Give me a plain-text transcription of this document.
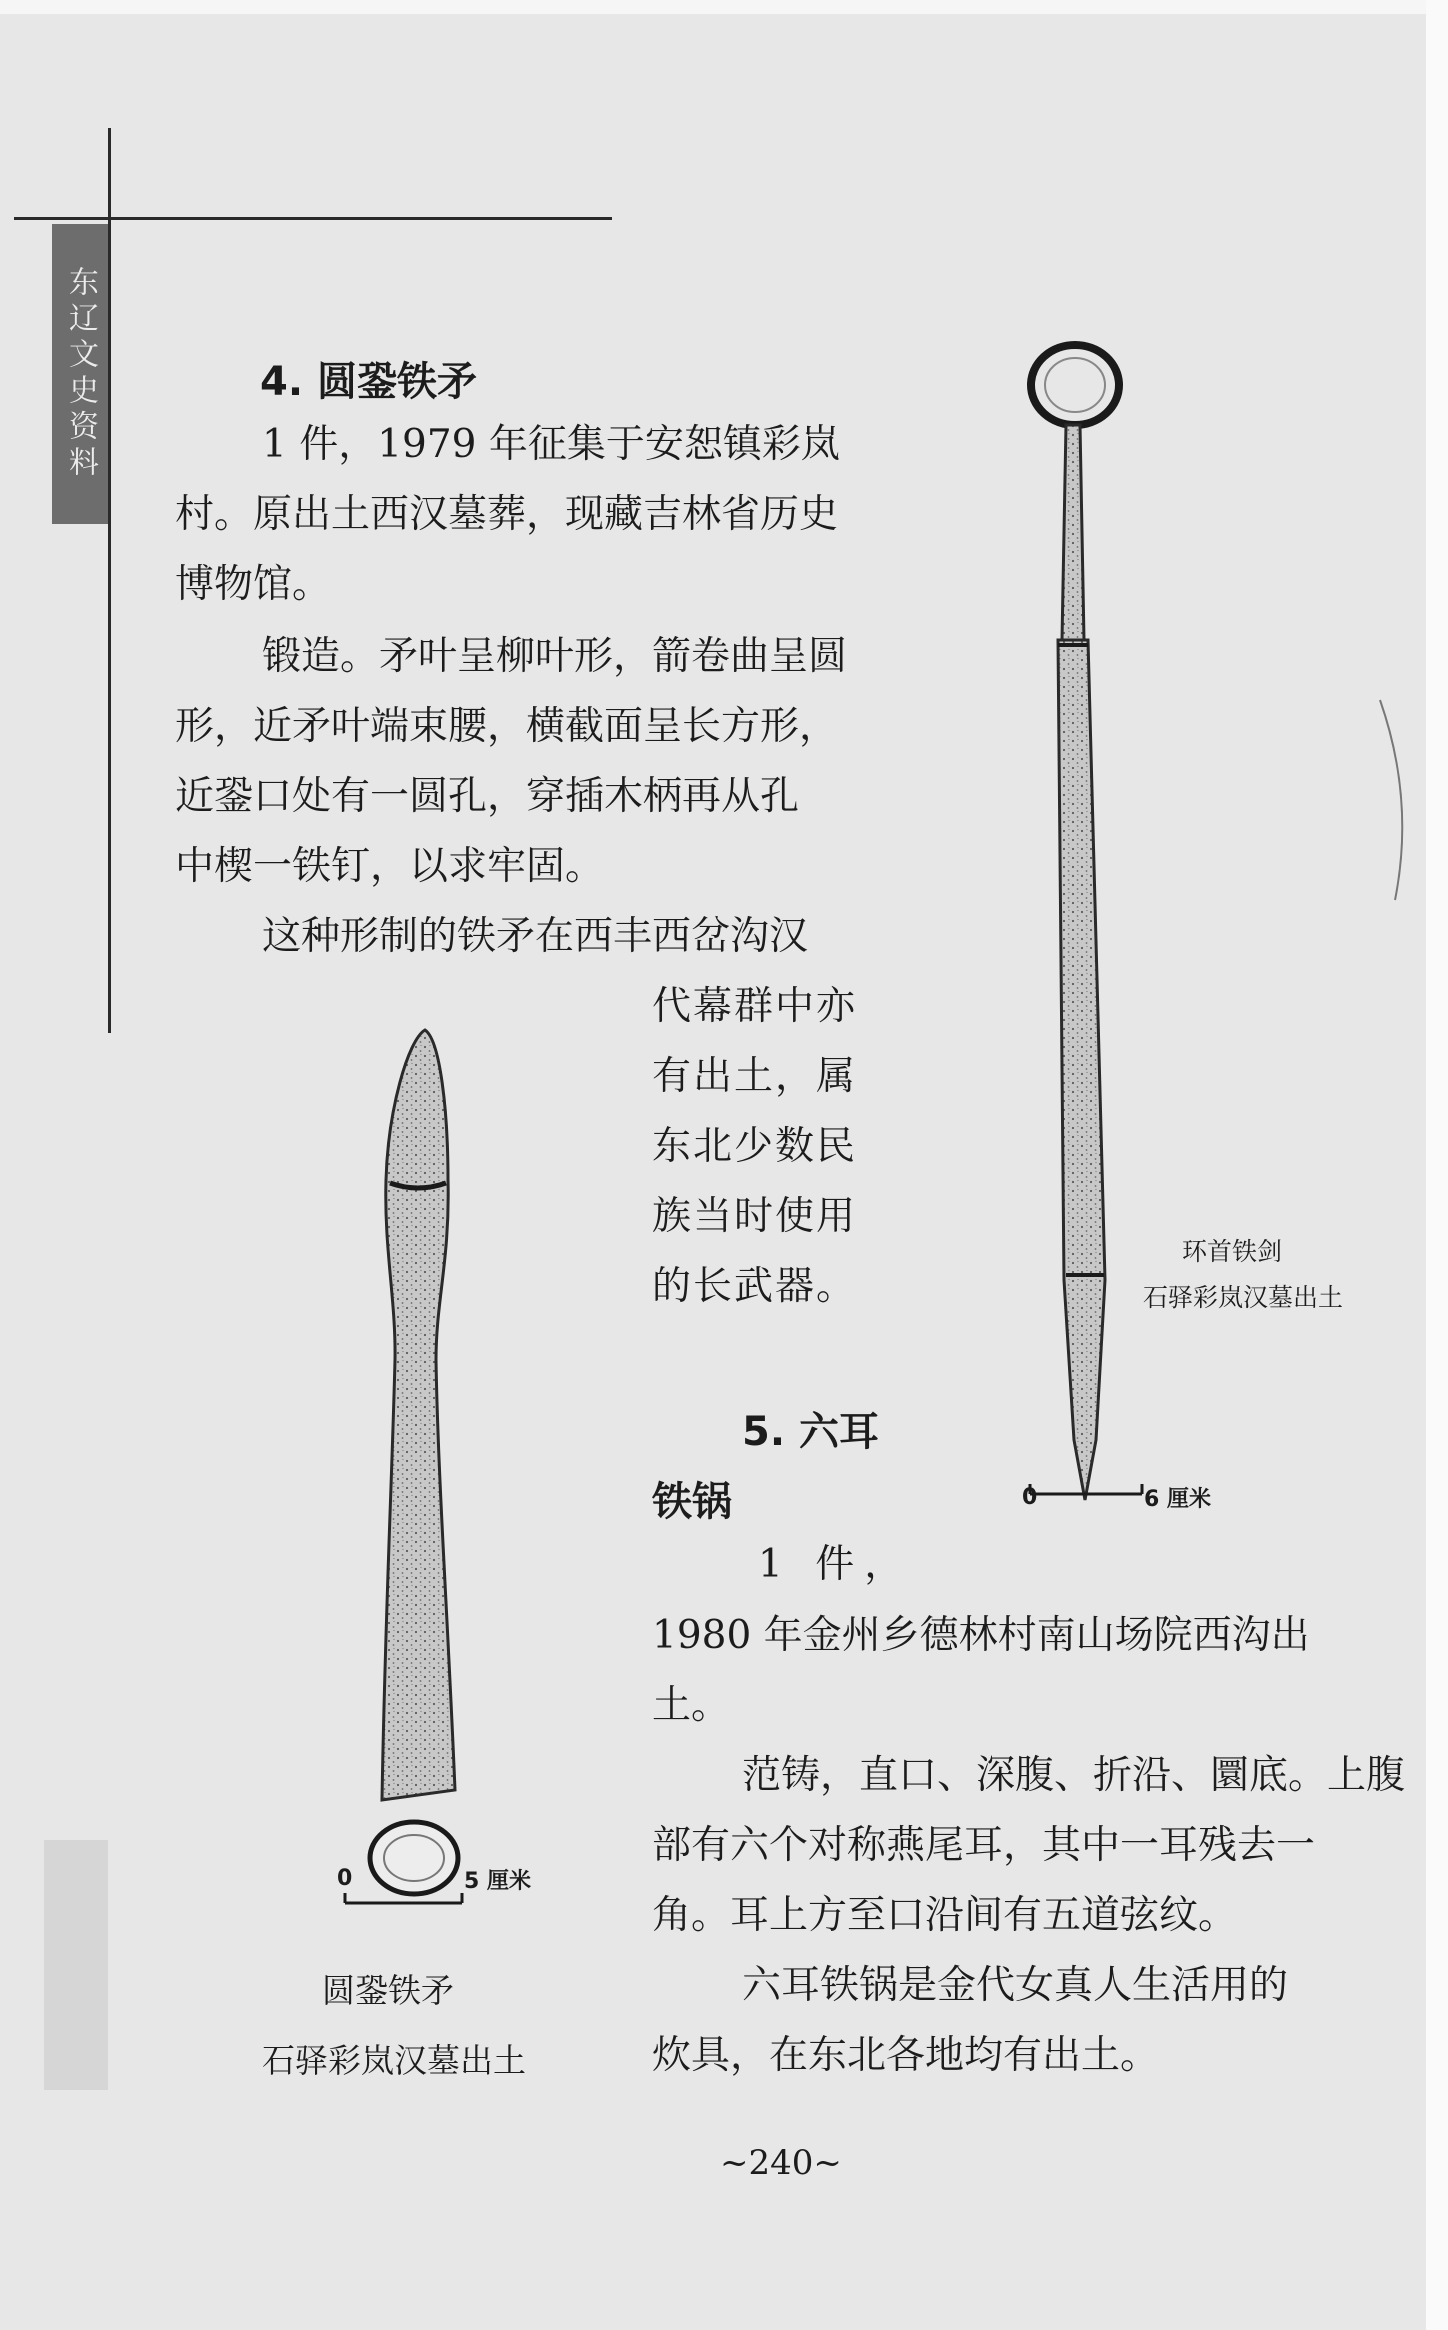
东辽文史资料	4. 圆銎铁矛
1 件，1979 年征集于安恕镇彩岚
村。原出土西汉墓葬，现藏吉林省历史
博物馆。
锻造。矛叶呈柳叶形，箭卷曲呈圆
形，近矛叶端束腰，横截面呈长方形，
近銎口处有一圆孔，穿插木柄再从孔
中楔一铁钉，以求牢固。
这种形制的铁矛在西丰西岔沟汉
代幕群中亦
有出土，属
东北少数民
族当时使用
的长武器。
5. 六耳
铁锅
1 件，
1980 年金州乡德林村南山场院西沟出
土。
范铸，直口、深腹、折沿、圜底。上腹
部有六个对称燕尾耳，其中一耳残去一
角。耳上方至口沿间有五道弦纹。
六耳铁锅是金代女真人生活用的
炊具，在东北各地均有出土。
0	5 厘米
圆銎铁矛
石驿彩岚汉墓出土
0	6 厘米
环首铁剑
石驿彩岚汉墓出土
~240~
